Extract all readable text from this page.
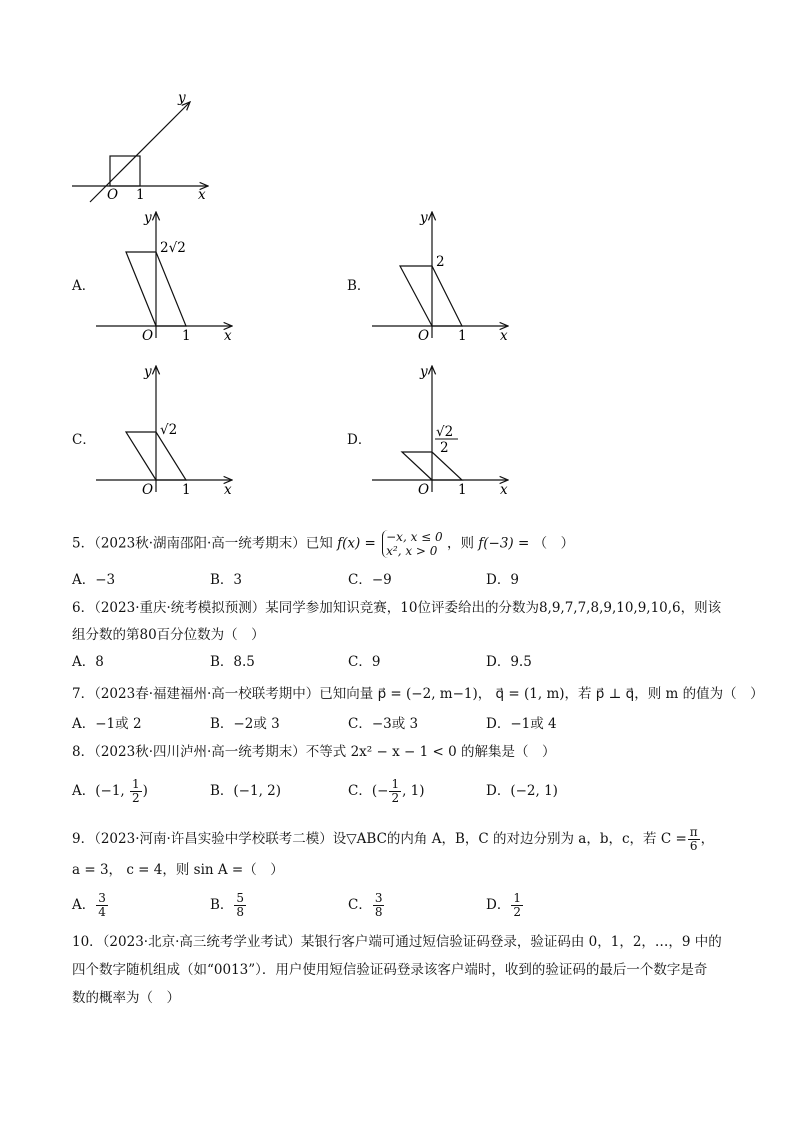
y
x
O 1
A．
y
x
O 1
2√2
B．
y
x
O 1
2
C．
y
x
O 1
√2
D．
y
x
O 1
√2
2
5．（2023秋·湖南邵阳·高一统考期末）已知 f(x) = −x, x ≤ 0
x², x > 0 ，则 f(−3) = （　）
A．−3	B．3	C．−9	D．9
6．（2023·重庆·统考模拟预测）某同学参加知识竞赛，10位评委给出的分数为8,9,7,7,8,9,10,9,10,6，则该
组分数的第80百分位数为（　）
A．8	B．8.5	C．9	D．9.5
7．（2023春·福建福州·高一校联考期中）已知向量 p⃗ = (−2, m−1)， q⃗ = (1, m)，若 p⃗ ⊥ q⃗，则 m 的值为（　）
A．−1或 2	B．−2或 3	C．−3或 3	D．−1或 4
8．（2023秋·四川泸州·高一统考期末）不等式 2x² − x − 1 < 0 的解集是（　）
A．(−1, $\frac{1}{2}$ )	B．(−1, 2)	C．(− $\frac{1}{2}$ , 1)	D．(−2, 1)
9．（2023·河南·许昌实验中学校联考二模）设▽ABC的内角 A，B，C 的对边分别为 a，b，c，若 $C = \frac{\pi}{6}$ ，
a = 3， c = 4，则 sin A =（　）
A． $\frac{3}{4}$	B． $\frac{5}{8}$	C． $\frac{3}{8}$	D． $\frac{1}{2}$
10．（2023·北京·高三统考学业考试）某银行客户端可通过短信验证码登录，验证码由 0，1，2，…，9 中的
四个数字随机组成（如“0013”）．用户使用短信验证码登录该客户端时，收到的验证码的最后一个数字是奇
数的概率为（　）
